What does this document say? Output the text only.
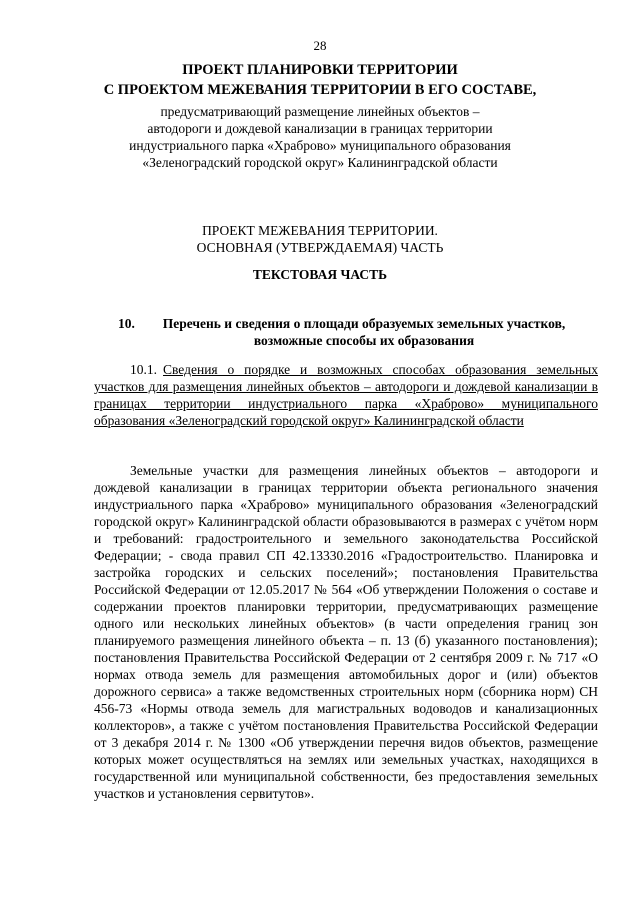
28
ПРОЕКТ ПЛАНИРОВКИ ТЕРРИТОРИИ
С ПРОЕКТОМ МЕЖЕВАНИЯ ТЕРРИТОРИИ В ЕГО СОСТАВЕ,
предусматривающий размещение линейных объектов –
автодороги и дождевой канализации в границах территории
индустриального парка «Храброво» муниципального образования
«Зеленоградский городской округ» Калининградской области
ПРОЕКТ МЕЖЕВАНИЯ ТЕРРИТОРИИ.
ОСНОВНАЯ (УТВЕРЖДАЕМАЯ) ЧАСТЬ
ТЕКСТОВАЯ ЧАСТЬ
10.	Перечень и сведения о площади образуемых земельных участков, возможные способы их образования
10.1. Сведения о порядке и возможных способах образования земельных участков для размещения линейных объектов – автодороги и дождевой канализации в границах территории индустриального парка «Храброво» муниципального образования «Зеленоградский городской округ» Калининградской области
Земельные участки для размещения линейных объектов – автодороги и дождевой канализации в границах территории объекта регионального значения индустриального парка «Храброво» муниципального образования «Зеленоградский городской округ» Калининградской области образовываются в размерах с учётом норм и требований: градостроительного и земельного законодательства Российской Федерации; - свода правил СП 42.13330.2016 «Градостроительство. Планировка и застройка городских и сельских поселений»; постановления Правительства Российской Федерации от 12.05.2017 № 564 «Об утверждении Положения о составе и содержании проектов планировки территории, предусматривающих размещение одного или нескольких линейных объектов» (в части определения границ зон планируемого размещения линейного объекта – п. 13 (б) указанного постановления); постановления Правительства Российской Федерации от 2 сентября 2009 г. № 717 «О нормах отвода земель для размещения автомобильных дорог и (или) объектов дорожного сервиса» а также ведомственных строительных норм (сборника норм) СН 456-73 «Нормы отвода земель для магистральных водоводов и канализационных коллекторов», а также с учётом постановления Правительства Российской Федерации от 3 декабря 2014 г. № 1300 «Об утверждении перечня видов объектов, размещение которых может осуществляться на землях или земельных участках, находящихся в государственной или муниципальной собственности, без предоставления земельных участков и установления сервитутов».
